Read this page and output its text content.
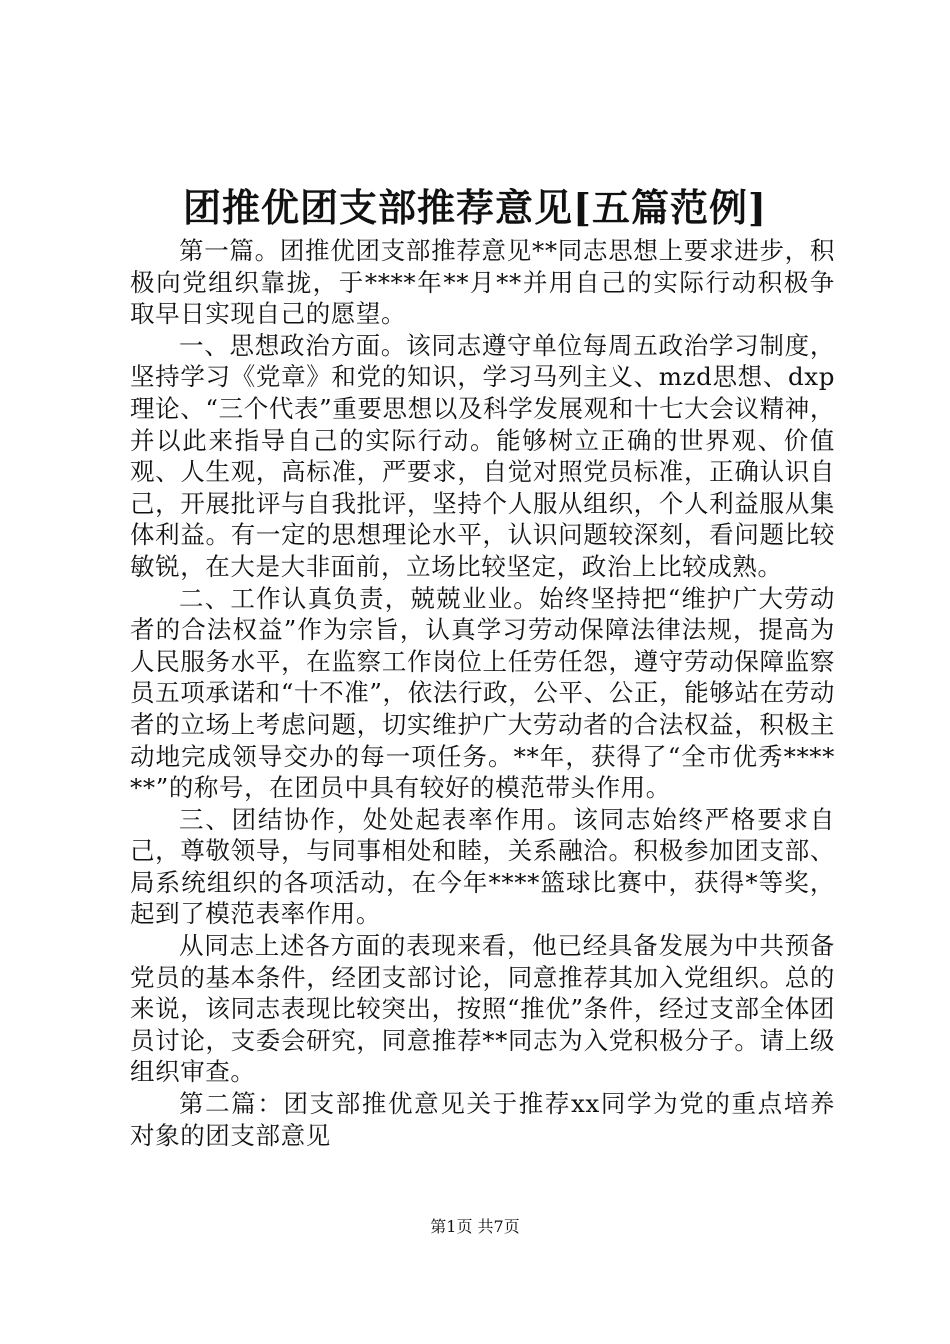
团推优团支部推荐意见[五篇范例]

第一篇。团推优团支部推荐意见**同志思想上要求进步，积极向党组织靠拢，于****年**月**并用自己的实际行动积极争取早日实现自己的愿望。

一、思想政治方面。该同志遵守单位每周五政治学习制度，坚持学习《党章》和党的知识，学习马列主义、mzd思想、dxp理论、“三个代表”重要思想以及科学发展观和十七大会议精神，并以此来指导自己的实际行动。能够树立正确的世界观、价值观、人生观，高标准，严要求，自觉对照党员标准，正确认识自己，开展批评与自我批评，坚持个人服从组织，个人利益服从集体利益。有一定的思想理论水平，认识问题较深刻，看问题比较敏锐，在大是大非面前，立场比较坚定，政治上比较成熟。

二、工作认真负责，兢兢业业。始终坚持把“维护广大劳动者的合法权益”作为宗旨，认真学习劳动保障法律法规，提高为人民服务水平，在监察工作岗位上任劳任怨，遵守劳动保障监察员五项承诺和“十不准”，依法行政，公平、公正，能够站在劳动者的立场上考虑问题，切实维护广大劳动者的合法权益，积极主动地完成领导交办的每一项任务。**年，获得了“全市优秀******”的称号，在团员中具有较好的模范带头作用。

三、团结协作，处处起表率作用。该同志始终严格要求自己，尊敬领导，与同事相处和睦，关系融洽。积极参加团支部、局系统组织的各项活动，在今年****篮球比赛中，获得*等奖，起到了模范表率作用。

从同志上述各方面的表现来看，他已经具备发展为中共预备党员的基本条件，经团支部讨论，同意推荐其加入党组织。总的来说，该同志表现比较突出，按照“推优”条件，经过支部全体团员讨论，支委会研究，同意推荐**同志为入党积极分子。请上级组织审查。

第二篇：团支部推优意见关于推荐xx同学为党的重点培养对象的团支部意见

第1页 共7页
